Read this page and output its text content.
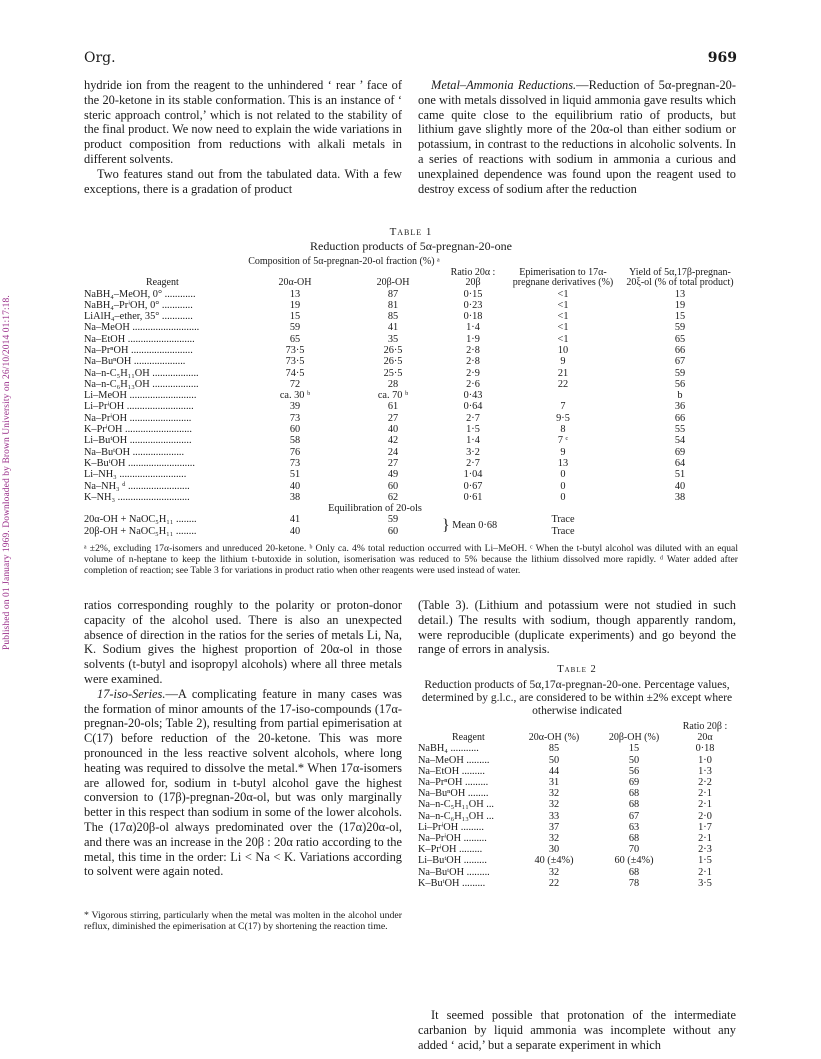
Published on 01 January 1969. Downloaded by Brown University on 26/10/2014 01:17:18.
Org.	969

hydride ion from the reagent to the unhindered ‘ rear ’ face of the 20-ketone in its stable conformation. This is an instance of ‘ steric approach control,’ which is not related to the stability of the final product. We now need to explain the wide variations in product composition from reductions with alkali metals in different solvents.

Two features stand out from the tabulated data. With a few exceptions, there is a gradation of product

Metal–Ammonia Reductions.—Reduction of 5α-pregnan-20-one with metals dissolved in liquid ammonia gave results which came quite close to the equilibrium ratio of products, but lithium gave slightly more of the 20α-ol than either sodium or potassium, in contrast to the reductions in alcoholic solvents. In a series of reactions with sodium in ammonia a curious and unexplained dependence was found upon the reagent used to destroy excess of sodium after the reduction

Table 1
Reduction products of 5α-pregnan-20-one
	Composition of 5α-pregnan-20-ol fraction (%) ᵃ				
Reagent	20α-OH	20β-OH	Ratio 20α : 20β	Epimerisation to 17α-pregnane derivatives (%)	Yield of 5α,17β-pregnan-20ξ-ol (% of total product)
NaBH₄–MeOH, 0° ............	13	87	0·15	<1	13
NaBH₄–PrⁱOH, 0° ............	19	81	0·23	<1	19
LiAlH₄–ether, 35° ............	15	85	0·18	<1	15
Na–MeOH ..........................	59	41	1·4	<1	59
Na–EtOH ..........................	65	35	1·9	<1	65
Na–PrⁿOH ........................	73·5	26·5	2·8	10	66
Na–BuⁿOH ....................	73·5	26·5	2·8	9	67
Na–n-C₅H₁₁OH ..................	74·5	25·5	2·9	21	59
Na–n-C₆H₁₃OH ..................	72	28	2·6	22	56
Li–MeOH ..........................	ca. 30 ᵇ	ca. 70 ᵇ	0·43		b
Li–PrⁱOH ..........................	39	61	0·64	7	36
Na–PrⁱOH ........................	73	27	2·7	9·5	66
K–PrⁱOH ..........................	60	40	1·5	8	55
Li–BuᵗOH ........................	58	42	1·4	7 ᶜ	54
Na–BuᵗOH ....................	76	24	3·2	9	69
K–BuᵗOH ..........................	73	27	2·7	13	64
Li–NH₃ ..........................	51	49	1·04	0	51
Na–NH₃ ᵈ ........................	40	60	0·67	0	40
K–NH₃ ............................	38	62	0·61	0	38
	Equilibration of 20-ols				
20α-OH + NaOC₅H₁₁ ........	41	59	} Mean 0·68	Trace	
20β-OH + NaOC₅H₁₁ ........	40	60		Trace	
ᵃ ±2%, excluding 17α-isomers and unreduced 20-ketone. ᵇ Only ca. 4% total reduction occurred with Li–MeOH. ᶜ When the t-butyl alcohol was diluted with an equal volume of n-heptane to keep the lithium t-butoxide in solution, isomerisation was reduced to 5% because the lithium dissolved more rapidly. ᵈ Water added after completion of reaction; see Table 3 for variations in product ratio when other reagents were used instead of water.

ratios corresponding roughly to the polarity or proton-donor capacity of the alcohol used. There is also an unexpected absence of direction in the ratios for the series of metals Li, Na, K. Sodium gives the highest proportion of 20α-ol in those solvents (t-butyl and isopropyl alcohols) where all three metals were examined.

17-iso-Series.—A complicating feature in many cases was the formation of minor amounts of the 17-iso-compounds (17α-pregnan-20-ols; Table 2), resulting from partial epimerisation at C(17) before reduction of the 20-ketone. This was more pronounced in the less reactive solvent alcohols, where long heating was required to dissolve the metal.* When 17α-isomers are allowed for, sodium in t-butyl alcohol gave the highest conversion to (17β)-pregnan-20α-ol, but was only marginally better in this respect than sodium in some of the lower alcohols. The (17α)20β-ol always predominated over the (17α)20α-ol, and there was an increase in the 20β : 20α ratio according to the metal, this time in the order: Li < Na < K. Variations according to solvent were again noted.

* Vigorous stirring, particularly when the metal was molten in the alcohol under reflux, diminished the epimerisation at C(17) by shortening the reaction time.

(Table 3). (Lithium and potassium were not studied in such detail.) The results with sodium, though apparently random, were reproducible (duplicate experiments) and go beyond the range of errors in analysis.

Table 2
Reduction products of 5α,17α-pregnan-20-one. Percentage values, determined by g.l.c., are considered to be within ±2% except where otherwise indicated
Reagent	20α-OH (%)	20β-OH (%)	Ratio 20β : 20α
NaBH₄ ...........	85	15	0·18
Na–MeOH .........	50	50	1·0
Na–EtOH .........	44	56	1·3
Na–PrⁿOH .........	31	69	2·2
Na–BuⁿOH ........	32	68	2·1
Na–n-C₅H₁₁OH ...	32	68	2·1
Na–n-C₆H₁₃OH ...	33	67	2·0
Li–PrⁱOH .........	37	63	1·7
Na–PrⁱOH .........	32	68	2·1
K–PrⁱOH .........	30	70	2·3
Li–BuᵗOH .........	40 (±4%)	60 (±4%)	1·5
Na–BuᵗOH .........	32	68	2·1
K–BuᵗOH .........	22	78	3·5

It seemed possible that protonation of the intermediate carbanion by liquid ammonia was incomplete without any added ‘ acid,’ but a separate experiment in which
